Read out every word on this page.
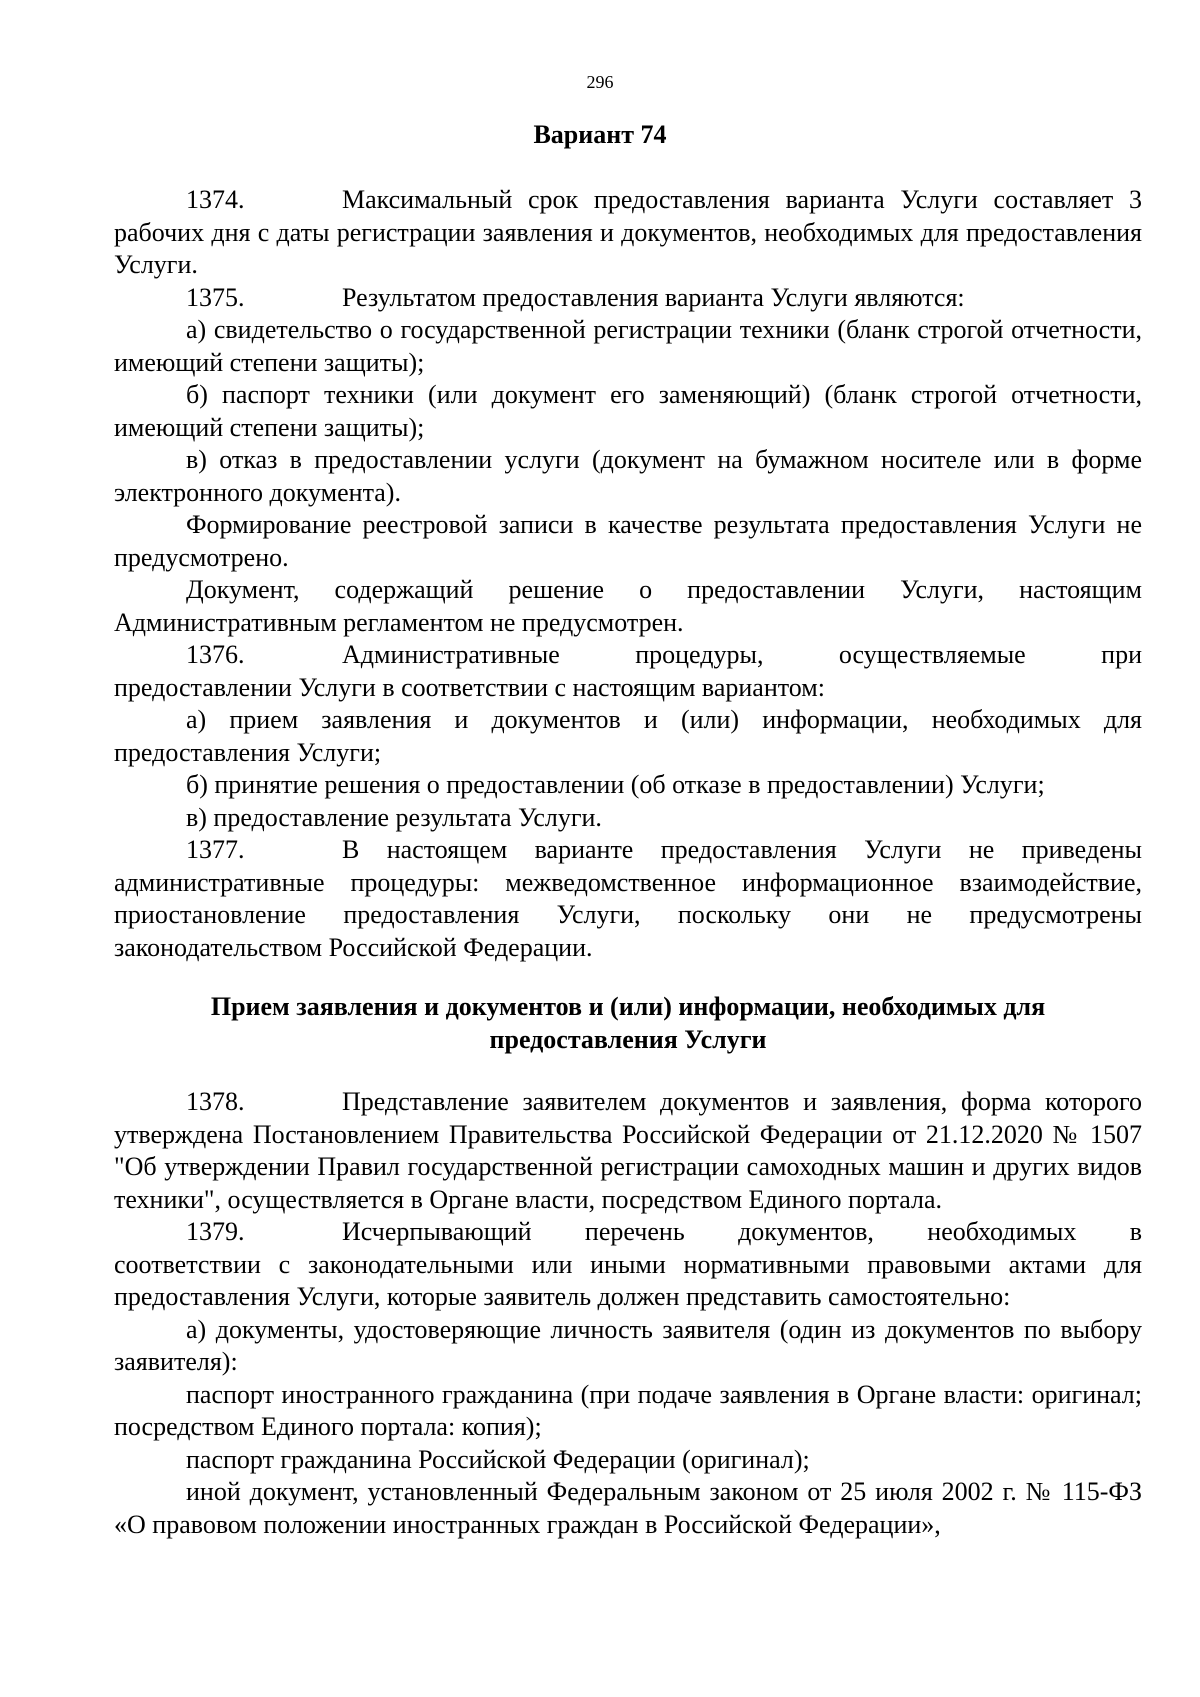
296
Вариант 74

1374.	Максимальный срок предоставления варианта Услуги составляет 3 рабочих дня с даты регистрации заявления и документов, необходимых для предоставления Услуги.

1375.	Результатом предоставления варианта Услуги являются:

а) свидетельство о государственной регистрации техники (бланк строгой отчетности, имеющий степени защиты);

б) паспорт техники (или документ его заменяющий) (бланк строгой отчетности, имеющий степени защиты);

в) отказ в предоставлении услуги (документ на бумажном носителе или в форме электронного документа).

Формирование реестровой записи в качестве результата предоставления Услуги не предусмотрено.

Документ, содержащий решение о предоставлении Услуги, настоящим Административным регламентом не предусмотрен.

1376.	Административные процедуры, осуществляемые при

предоставлении Услуги в соответствии с настоящим вариантом:

а) прием заявления и документов и (или) информации, необходимых для предоставления Услуги;

б) принятие решения о предоставлении (об отказе в предоставлении) Услуги;

в) предоставление результата Услуги.

1377.	В настоящем варианте предоставления Услуги не приведены административные процедуры: межведомственное информационное взаимодействие, приостановление предоставления Услуги, поскольку они не предусмотрены законодательством Российской Федерации.

Прием заявления и документов и (или) информации, необходимых для
предоставления Услуги

1378.	Представление заявителем документов и заявления, форма которого утверждена Постановлением Правительства Российской Федерации от 21.12.2020 № 1507 "Об утверждении Правил государственной регистрации самоходных машин и других видов техники", осуществляется в Органе власти, посредством Единого портала.

1379.	Исчерпывающий перечень документов, необходимых в

соответствии с законодательными или иными нормативными правовыми актами для предоставления Услуги, которые заявитель должен представить самостоятельно:

а) документы, удостоверяющие личность заявителя (один из документов по выбору заявителя):

паспорт иностранного гражданина (при подаче заявления в Органе власти: оригинал; посредством Единого портала: копия);

паспорт гражданина Российской Федерации (оригинал);

иной документ, установленный Федеральным законом от 25 июля 2002 г. № 115-ФЗ «О правовом положении иностранных граждан в Российской Федерации»,
